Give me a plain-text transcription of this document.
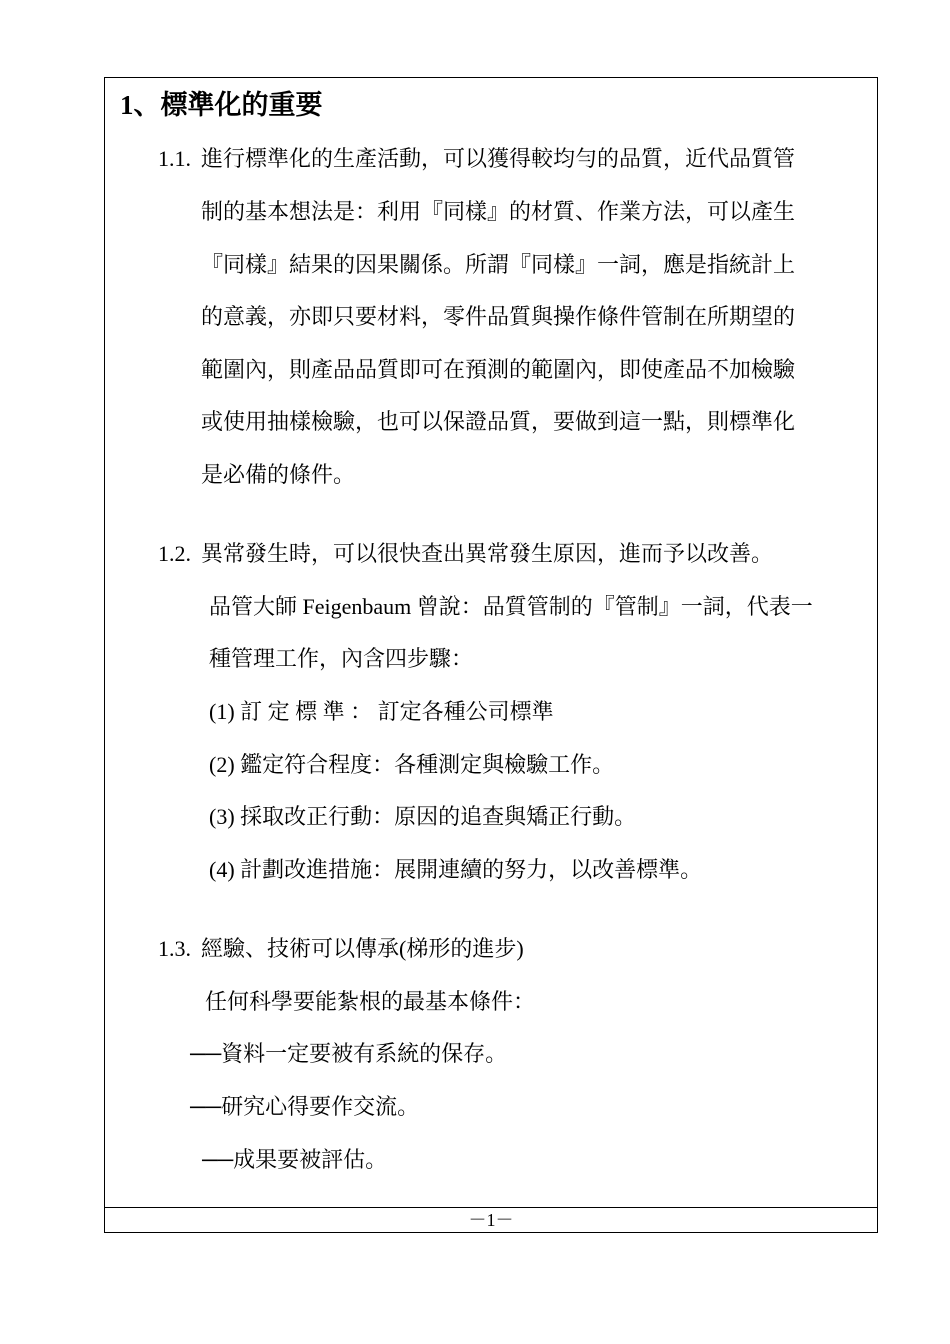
1、標準化的重要
1.1. 進行標準化的生產活動，可以獲得較均勻的品質，近代品質管
制的基本想法是：利用『同樣』的材質、作業方法，可以產生
『同樣』結果的因果關係。所謂『同樣』一詞，應是指統計上
的意義，亦即只要材料，零件品質與操作條件管制在所期望的
範圍內，則產品品質即可在預測的範圍內，即使產品不加檢驗
或使用抽樣檢驗，也可以保證品質，要做到這一點，則標準化
是必備的條件。
1.2. 異常發生時，可以很快查出異常發生原因，進而予以改善。
品管大師 Feigenbaum 曾說：品質管制的『管制』一詞，代表一
種管理工作，內含四步驟：
(1) 訂 定 標 準 ： 訂定各種公司標準
(2) 鑑定符合程度：各種測定與檢驗工作。
(3) 採取改正行動：原因的追查與矯正行動。
(4) 計劃改進措施：展開連續的努力，以改善標準。
1.3. 經驗、技術可以傳承(梯形的進步)
任何科學要能紮根的最基本條件：
──資料一定要被有系統的保存。
──研究心得要作交流。
──成果要被評估。
－1－
